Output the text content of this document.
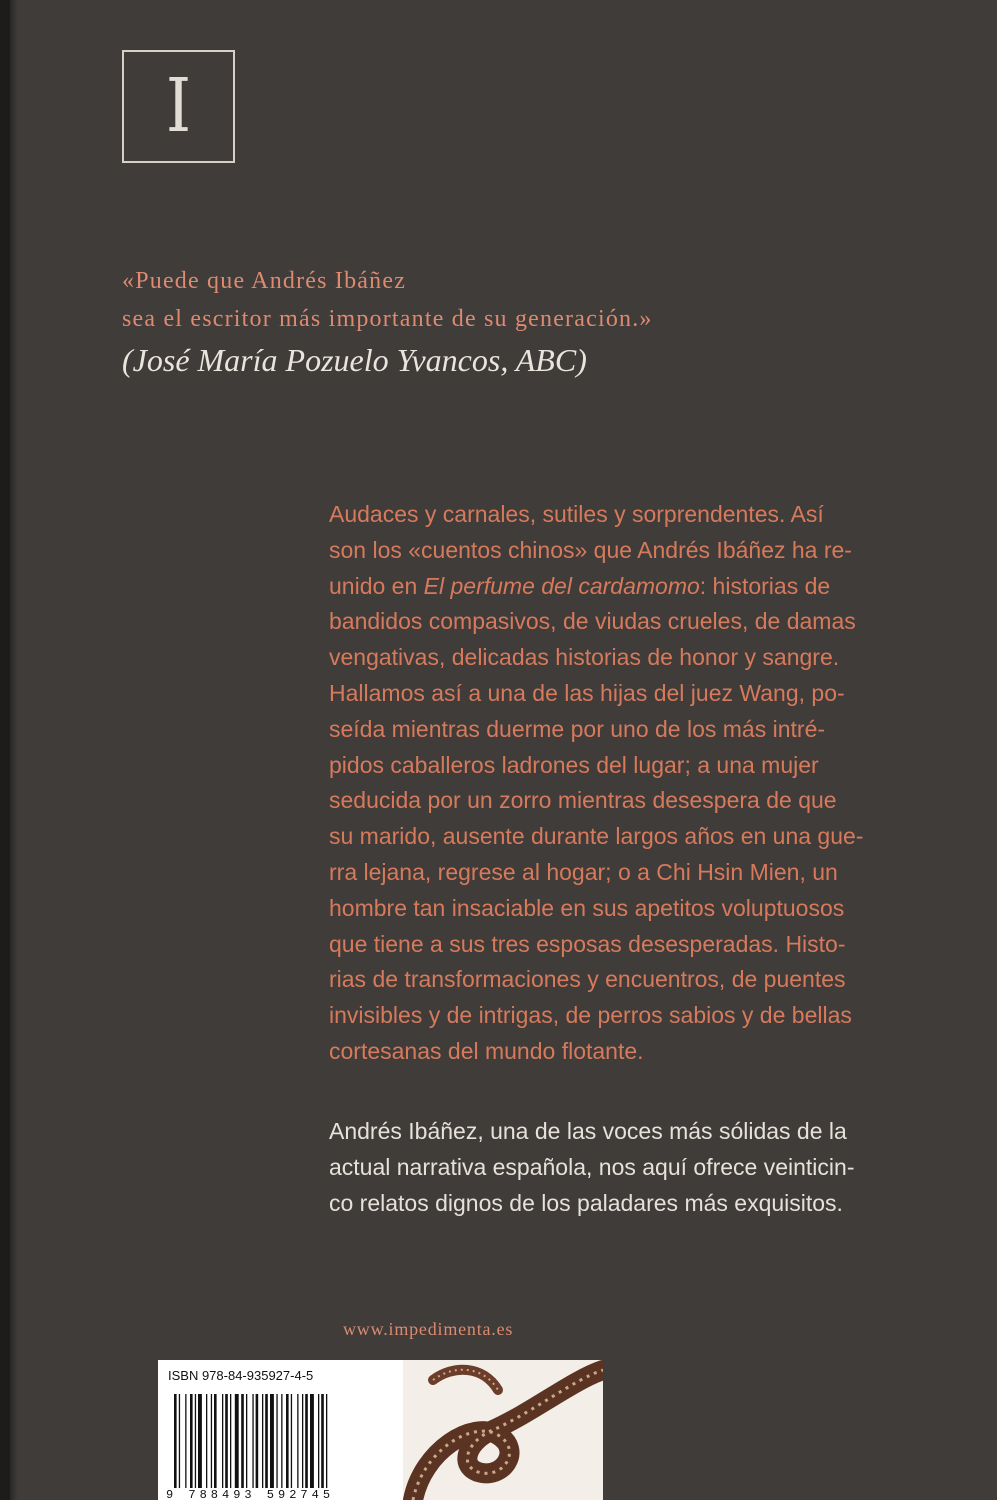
I
«Puede que Andrés Ibáñez
sea el escritor más importante de su generación.»
(José María Pozuelo Yvancos, ABC)
Audaces y carnales, sutiles y sorprendentes. Así
son los «cuentos chinos» que Andrés Ibáñez ha re-
unido en El perfume del cardamomo: historias de
bandidos compasivos, de viudas crueles, de damas
vengativas, delicadas historias de honor y sangre.
Hallamos así a una de las hijas del juez Wang, po-
seída mientras duerme por uno de los más intré-
pidos caballeros ladrones del lugar; a una mujer
seducida por un zorro mientras desespera de que
su marido, ausente durante largos años en una gue-
rra lejana, regrese al hogar; o a Chi Hsin Mien, un
hombre tan insaciable en sus apetitos voluptuosos
que tiene a sus tres esposas desesperadas. Histo-
rias de transformaciones y encuentros, de puentes
invisibles y de intrigas, de perros sabios y de bellas
cortesanas del mundo flotante.
Andrés Ibáñez, una de las voces más sólidas de la
actual narrativa española, nos aquí ofrece veinticin-
co relatos dignos de los paladares más exquisitos.
www.impedimenta.es
ISBN 978-84-935927-4-5
9 788493 592745
